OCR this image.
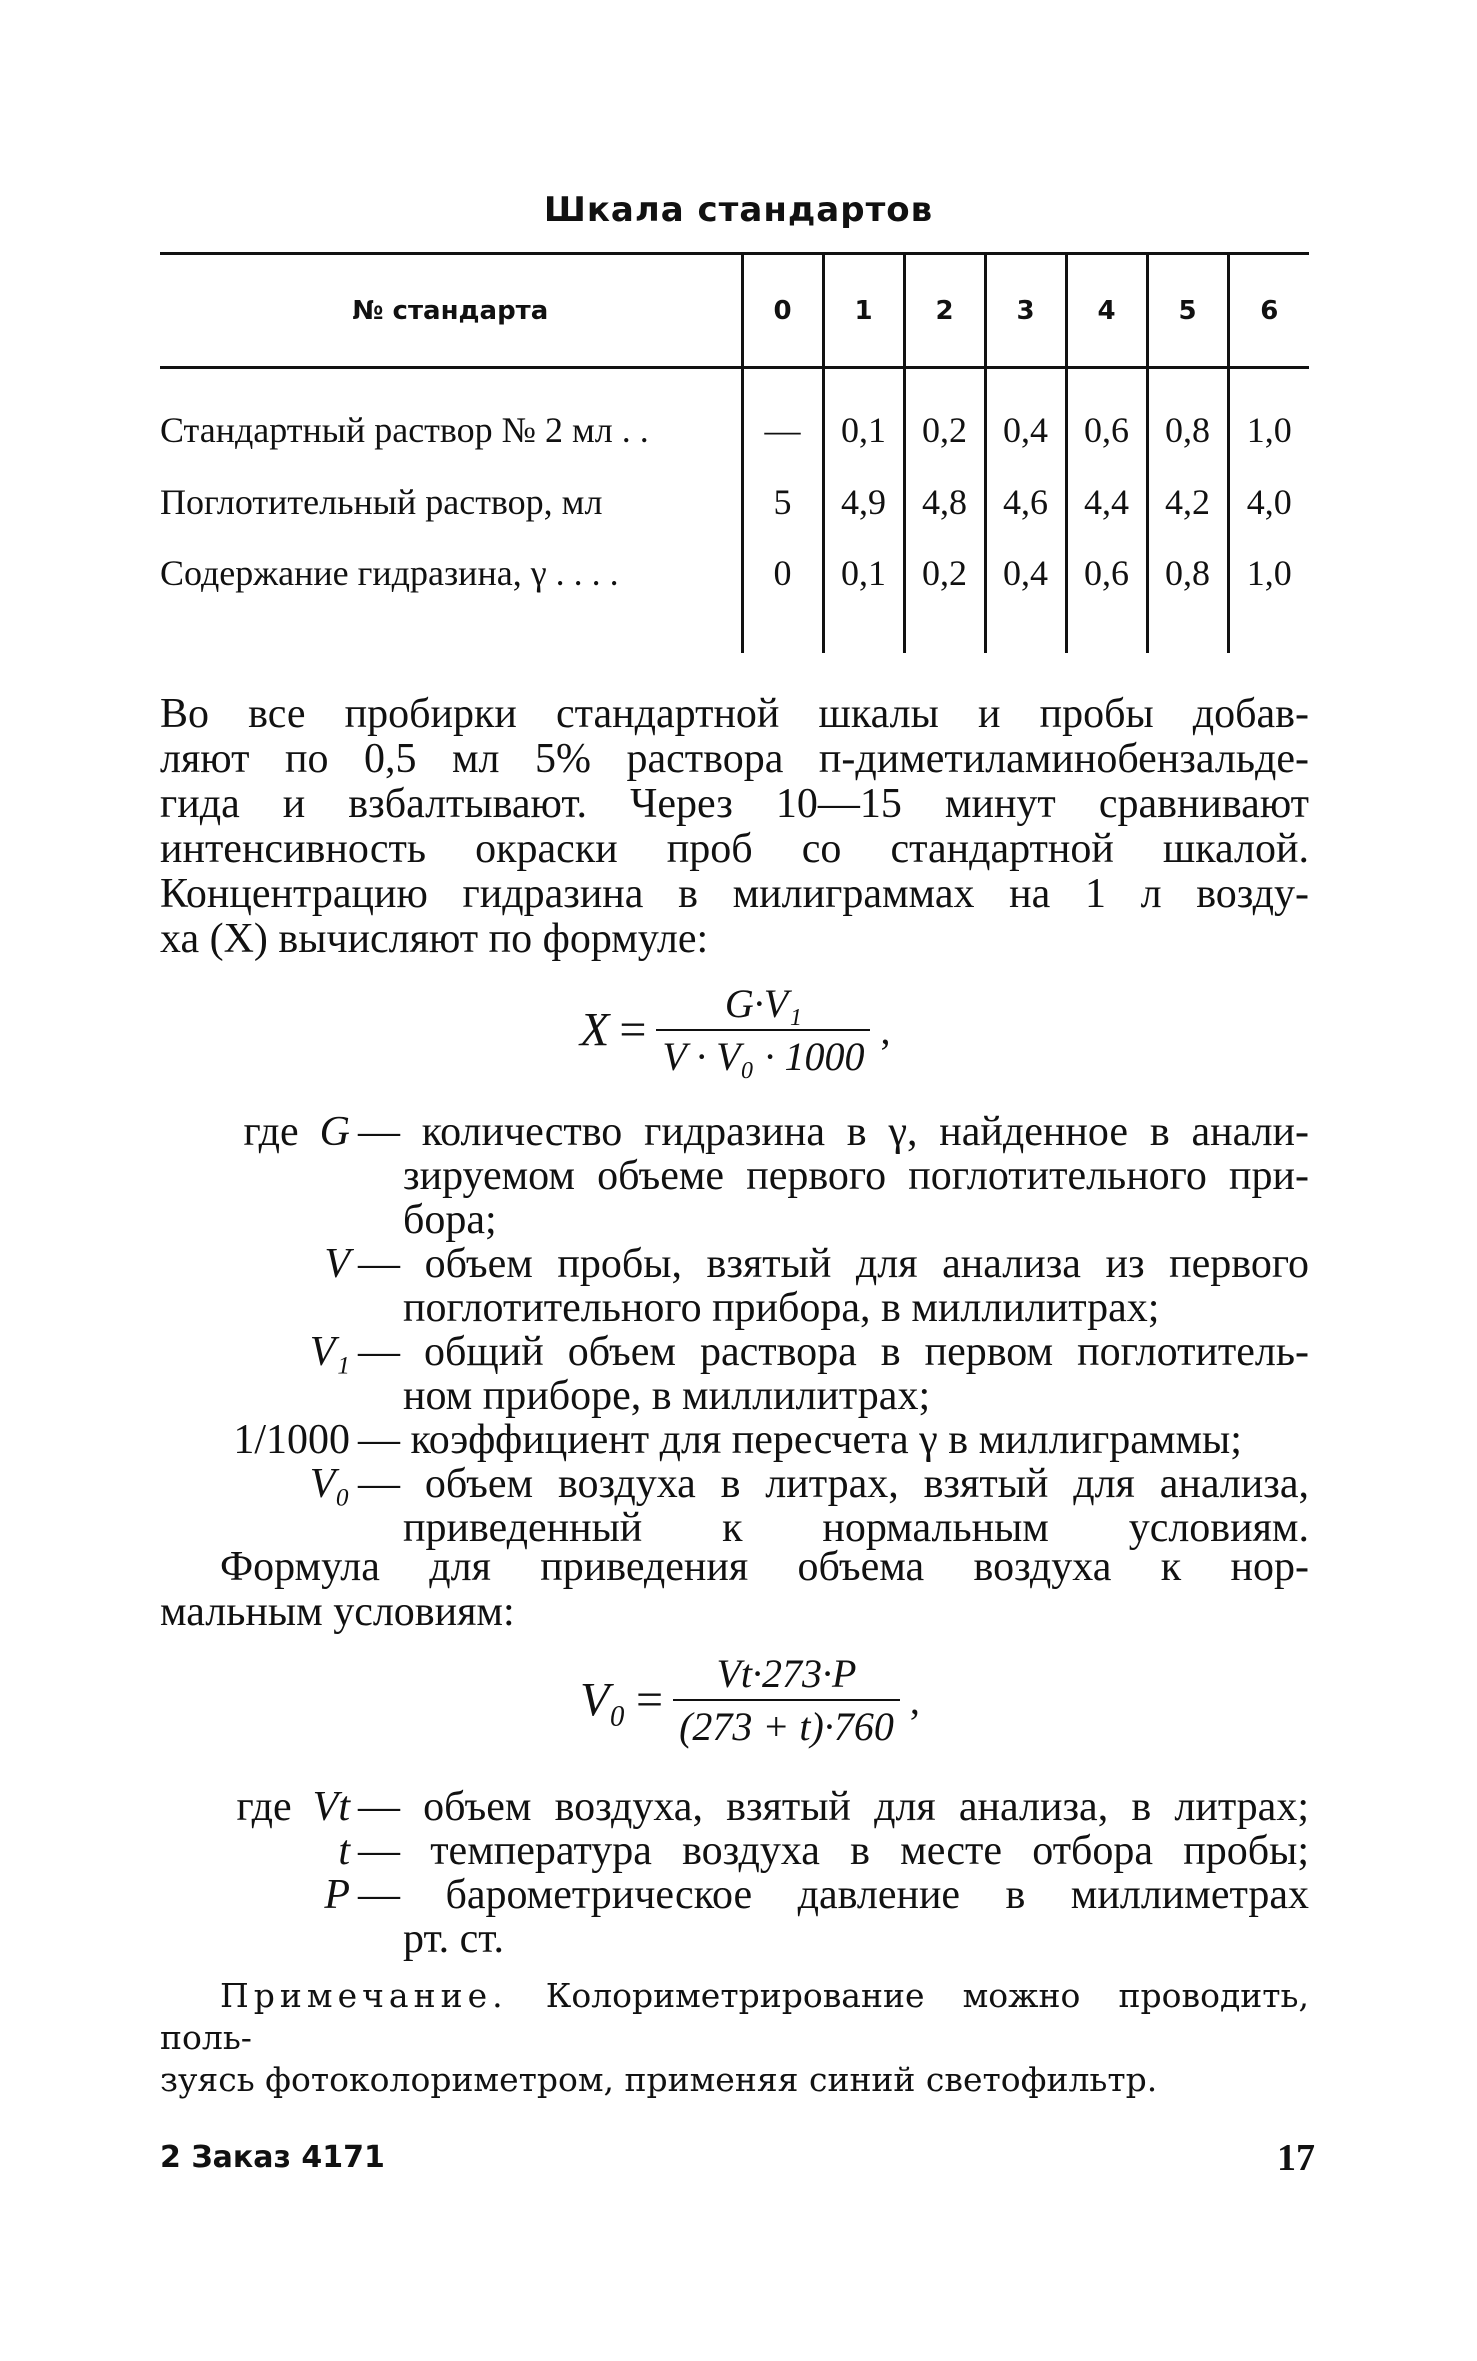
Шкала стандартов
№ стандарта	0	1	2	3	4	5	6
Стандартный раствор № 2 мл . .	—	0,1	0,2	0,4	0,6	0,8	1,0
Поглотительный раствор, мл	5	4,9	4,8	4,6	4,4	4,2	4,0
Содержание гидразина, γ . . . .	0	0,1	0,2	0,4	0,6	0,8	1,0
Во все пробирки стандартной шкалы и пробы добав-
ляют по 0,5 мл 5% раствора п-диметиламинобензальде-
гида и взбалтывают. Через 10—15 минут сравнивают
интенсивность окраски проб со стандартной шкалой.
Концентрацию гидразина в милиграммах на 1 л возду-
ха (X) вычисляют по формуле:
$X = \frac{\text{G·V₁}}{\text{V · V₀ · 1000}}$ ,
где G — количество гидразина в γ, найденное в анали-
зируемом объеме первого поглотительного при-
бора;
V — объем пробы, взятый для анализа из первого
поглотительного прибора, в миллилитрах;
V₁ — общий объем раствора в первом поглотитель-
ном приборе, в миллилитрах;
1/1000 — коэффициент для пересчета γ в миллиграммы;
V₀ — объем воздуха в литрах, взятый для анализа,
приведенный к нормальным условиям.
Формула для приведения объема воздуха к нор-
мальным условиям:
$V_0 = \frac{Vt\cdot 273\cdot P}{(273 + t)\cdot 760}$ ,
где Vt — объем воздуха, взятый для анализа, в литрах;
t — температура воздуха в месте отбора пробы;
P — барометрическое давление в миллиметрах
рт. ст.
Примечание. Колориметрирование можно проводить, поль-
зуясь фотоколориметром, применяя синий светофильтр.
2 Заказ 4171	17
